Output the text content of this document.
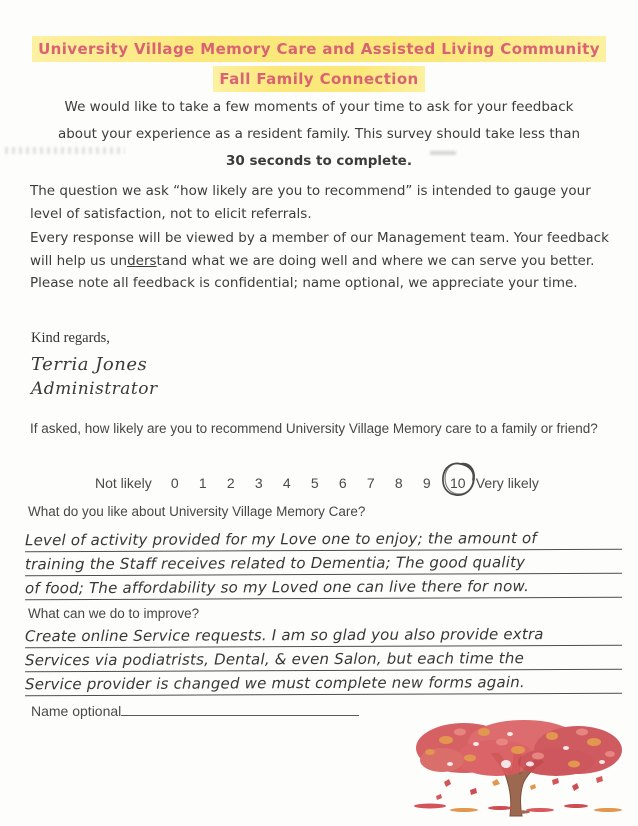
University Village Memory Care and Assisted Living Community
Fall Family Connection
We would like to take a few moments of your time to ask for your feedback about your experience as a resident family. This survey should take less than 30 seconds to complete.
The question we ask “how likely are you to recommend” is intended to gauge your level of satisfaction, not to elicit referrals.
Every response will be viewed by a member of our Management team. Your feedback will help us understand what we are doing well and where we can serve you better. Please note all feedback is confidential; name optional, we appreciate your time.
Kind regards,
Terria Jones
Administrator
If asked, how likely are you to recommend University Village Memory care to a family or friend?
Not likely	0	1	2	3	4	5	6	7	8	9	10 Very likely
What do you like about University Village Memory Care?
Level of activity provided for my Love one to enjoy; the amount of
training the Staff receives related to Dementia; The good quality
of food; The affordability so my Loved one can live there for now.
What can we do to improve?
Create online Service requests. I am so glad you also provide extra
Services via podiatrists, Dental, & even Salon, but each time the
Service provider is changed we must complete new forms again.
Name optional
